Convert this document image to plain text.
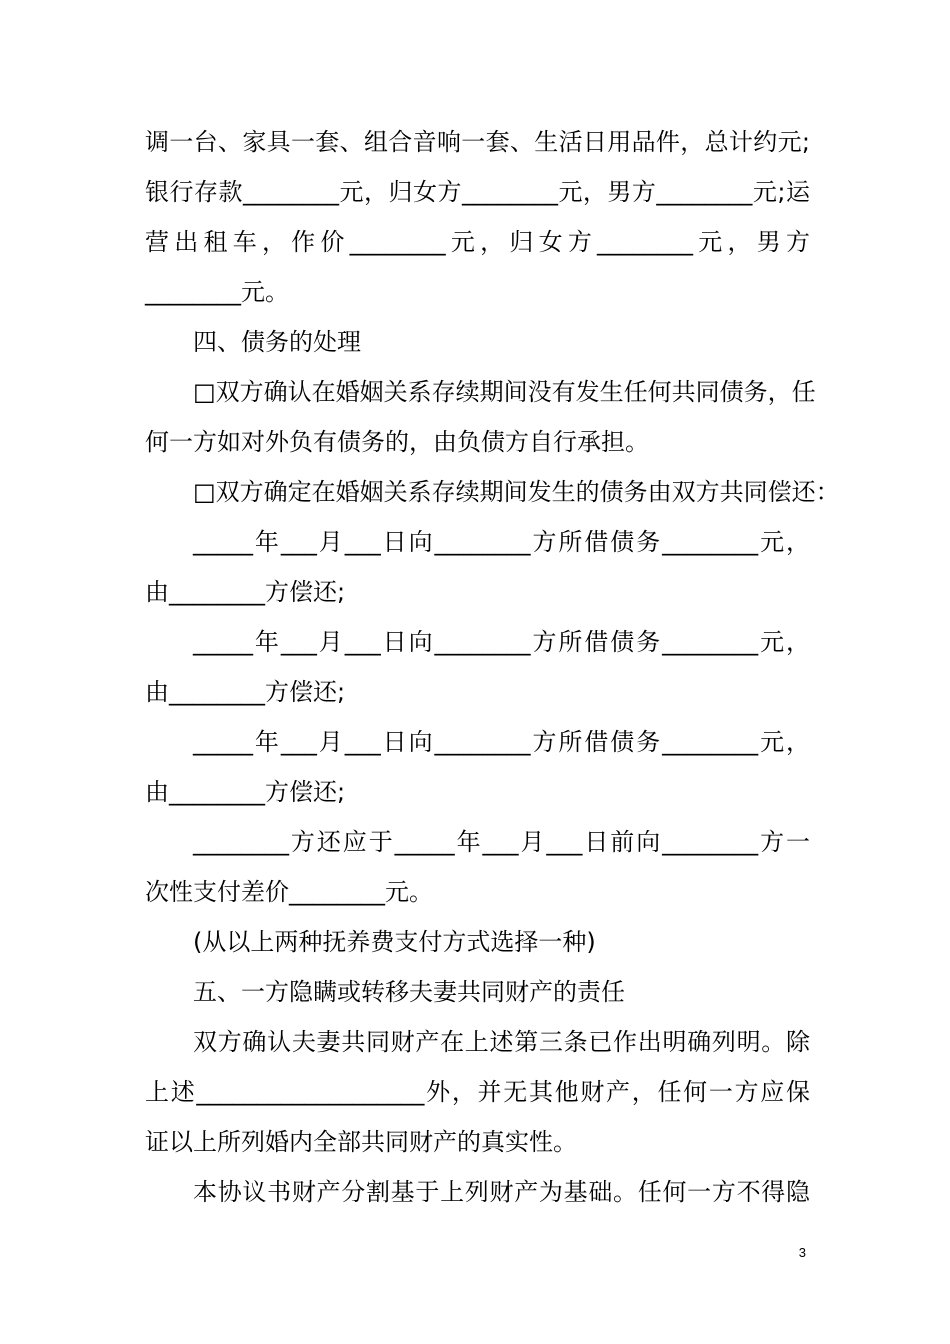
调一台、家具一套、组合音响一套、生活日用品件，总计约元;
银行存款________元，归女方________元，男方________元;运
营出租车，作价________元，归女方________元，男方
________元。
四、债务的处理
□双方确认在婚姻关系存续期间没有发生任何共同债务，任
何一方如对外负有债务的，由负债方自行承担。
□双方确定在婚姻关系存续期间发生的债务由双方共同偿还：
_____年___月___日向________方所借债务________元，
由________方偿还;
_____年___月___日向________方所借债务________元，
由________方偿还;
_____年___月___日向________方所借债务________元，
由________方偿还;
________方还应于_____年___月___日前向________方一
次性支付差价________元。
(从以上两种抚养费支付方式选择一种)
五、一方隐瞒或转移夫妻共同财产的责任
双方确认夫妻共同财产在上述第三条已作出明确列明。除
上述___________________外，并无其他财产，任何一方应保
证以上所列婚内全部共同财产的真实性。
本协议书财产分割基于上列财产为基础。任何一方不得隐
3
